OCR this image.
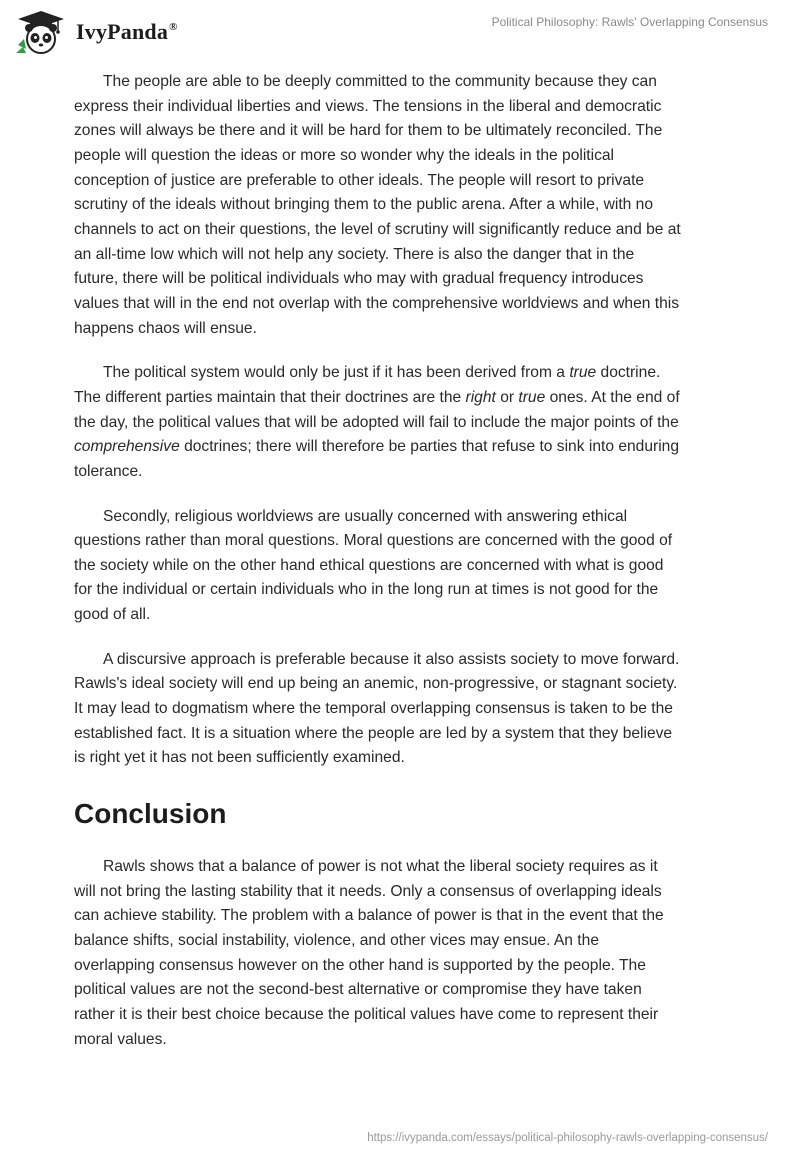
IvyPanda®	Political Philosophy: Rawls' Overlapping Consensus

The people are able to be deeply committed to the community because they can
express their individual liberties and views. The tensions in the liberal and democratic
zones will always be there and it will be hard for them to be ultimately reconciled. The
people will question the ideas or more so wonder why the ideals in the political
conception of justice are preferable to other ideals. The people will resort to private
scrutiny of the ideals without bringing them to the public arena. After a while, with no
channels to act on their questions, the level of scrutiny will significantly reduce and be at
an all-time low which will not help any society. There is also the danger that in the
future, there will be political individuals who may with gradual frequency introduces
values that will in the end not overlap with the comprehensive worldviews and when this
happens chaos will ensue.

The political system would only be just if it has been derived from a true doctrine.
The different parties maintain that their doctrines are the right or true ones. At the end of
the day, the political values that will be adopted will fail to include the major points of the
comprehensive doctrines; there will therefore be parties that refuse to sink into enduring
tolerance.

Secondly, religious worldviews are usually concerned with answering ethical
questions rather than moral questions. Moral questions are concerned with the good of
the society while on the other hand ethical questions are concerned with what is good
for the individual or certain individuals who in the long run at times is not good for the
good of all.

A discursive approach is preferable because it also assists society to move forward.
Rawls's ideal society will end up being an anemic, non-progressive, or stagnant society.
It may lead to dogmatism where the temporal overlapping consensus is taken to be the
established fact. It is a situation where the people are led by a system that they believe
is right yet it has not been sufficiently examined.

Conclusion

Rawls shows that a balance of power is not what the liberal society requires as it
will not bring the lasting stability that it needs. Only a consensus of overlapping ideals
can achieve stability. The problem with a balance of power is that in the event that the
balance shifts, social instability, violence, and other vices may ensue. An the
overlapping consensus however on the other hand is supported by the people. The
political values are not the second-best alternative or compromise they have taken
rather it is their best choice because the political values have come to represent their
moral values.

https://ivypanda.com/essays/political-philosophy-rawls-overlapping-consensus/
